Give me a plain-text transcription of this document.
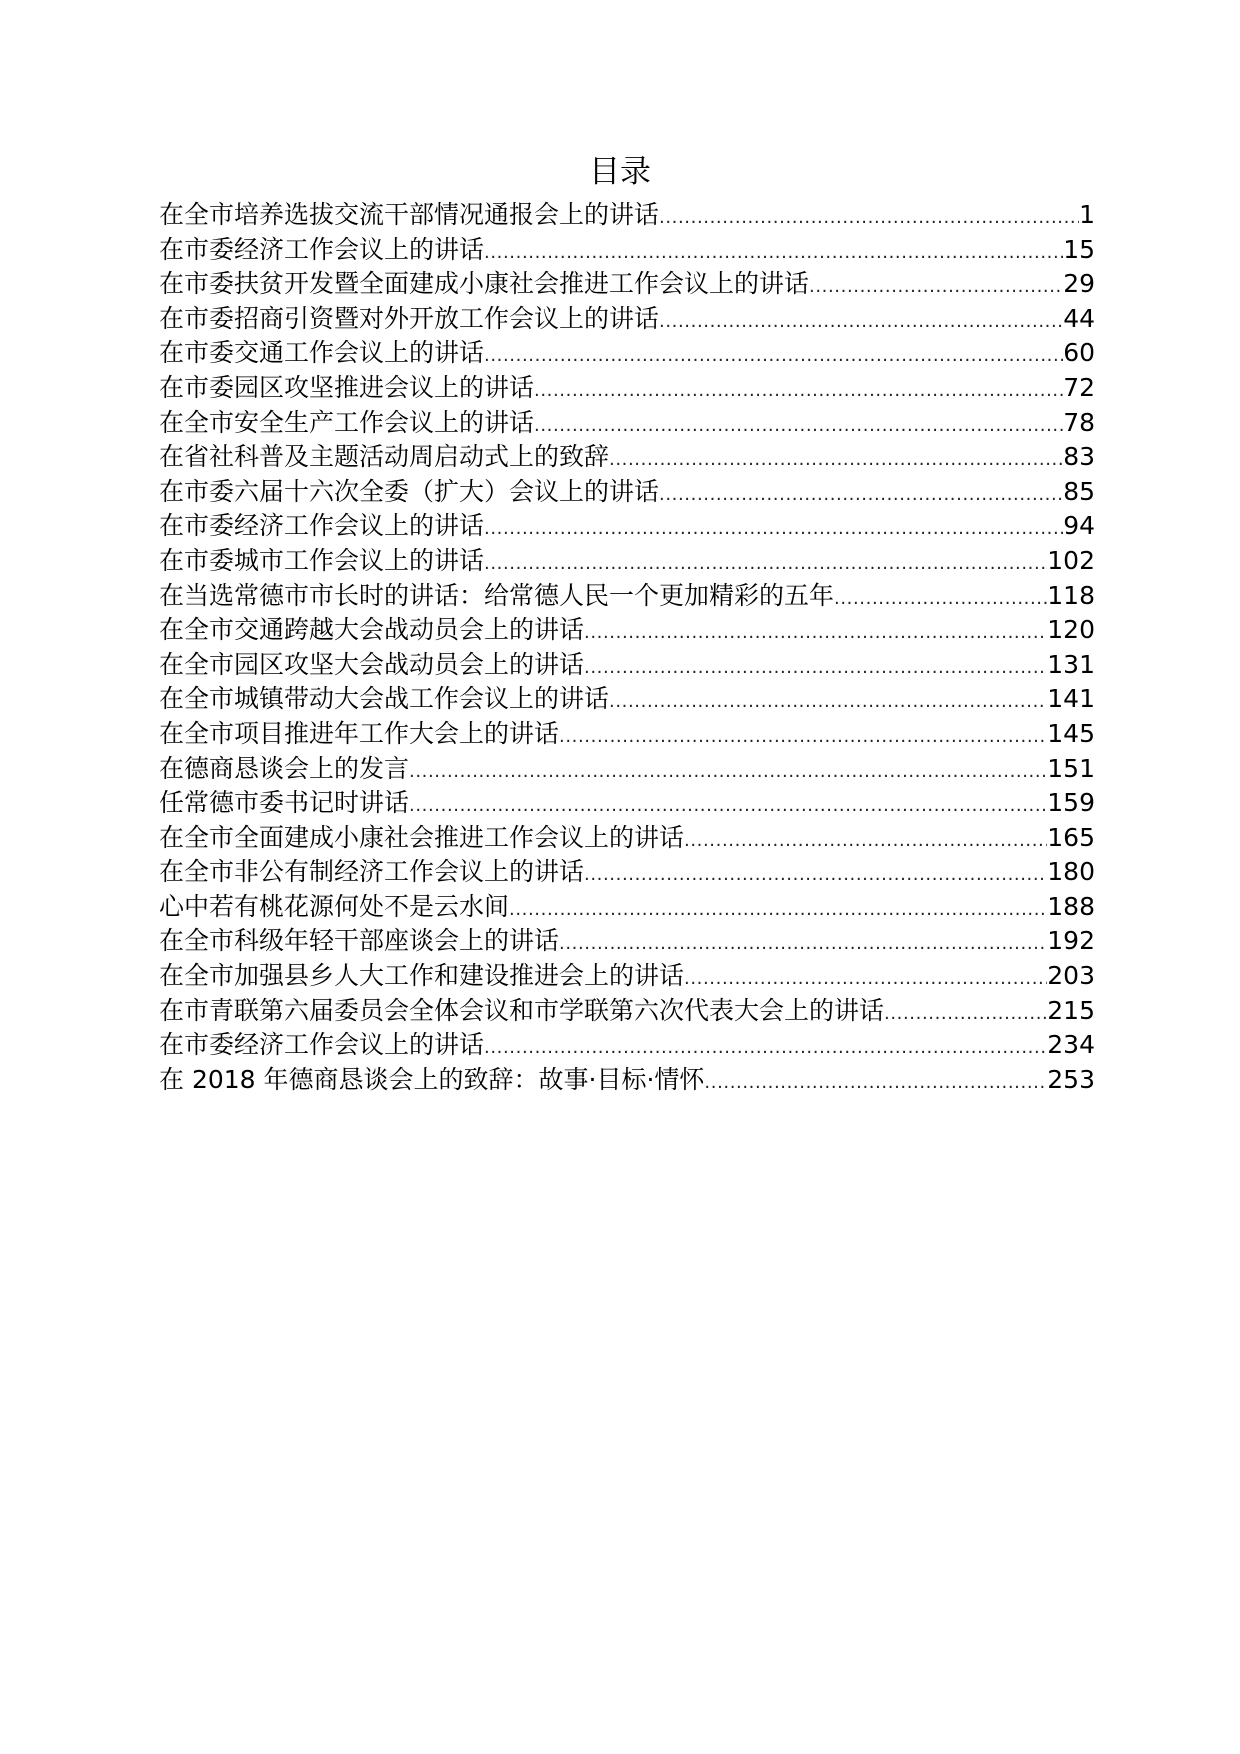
目录
在全市培养选拔交流干部情况通报会上的讲话 .....	1
在市委经济工作会议上的讲话 .....	15
在市委扶贫开发暨全面建成小康社会推进工作会议上的讲话 .....	29
在市委招商引资暨对外开放工作会议上的讲话 .....	44
在市委交通工作会议上的讲话 .....	60
在市委园区攻坚推进会议上的讲话 .....	72
在全市安全生产工作会议上的讲话 .....	78
在省社科普及主题活动周启动式上的致辞 .....	83
在市委六届十六次全委（扩大）会议上的讲话 .....	85
在市委经济工作会议上的讲话 .....	94
在市委城市工作会议上的讲话 .....	102
在当选常德市市长时的讲话：给常德人民一个更加精彩的五年 .....	118
在全市交通跨越大会战动员会上的讲话 .....	120
在全市园区攻坚大会战动员会上的讲话 .....	131
在全市城镇带动大会战工作会议上的讲话 .....	141
在全市项目推进年工作大会上的讲话 .....	145
在德商恳谈会上的发言 .....	151
任常德市委书记时讲话 .....	159
在全市全面建成小康社会推进工作会议上的讲话 .....	165
在全市非公有制经济工作会议上的讲话 .....	180
心中若有桃花源何处不是云水间 .....	188
在全市科级年轻干部座谈会上的讲话 .....	192
在全市加强县乡人大工作和建设推进会上的讲话 .....	203
在市青联第六届委员会全体会议和市学联第六次代表大会上的讲话 .....	215
在市委经济工作会议上的讲话 .....	234
在 2018 年德商恳谈会上的致辞：故事·目标·情怀 .....	253
